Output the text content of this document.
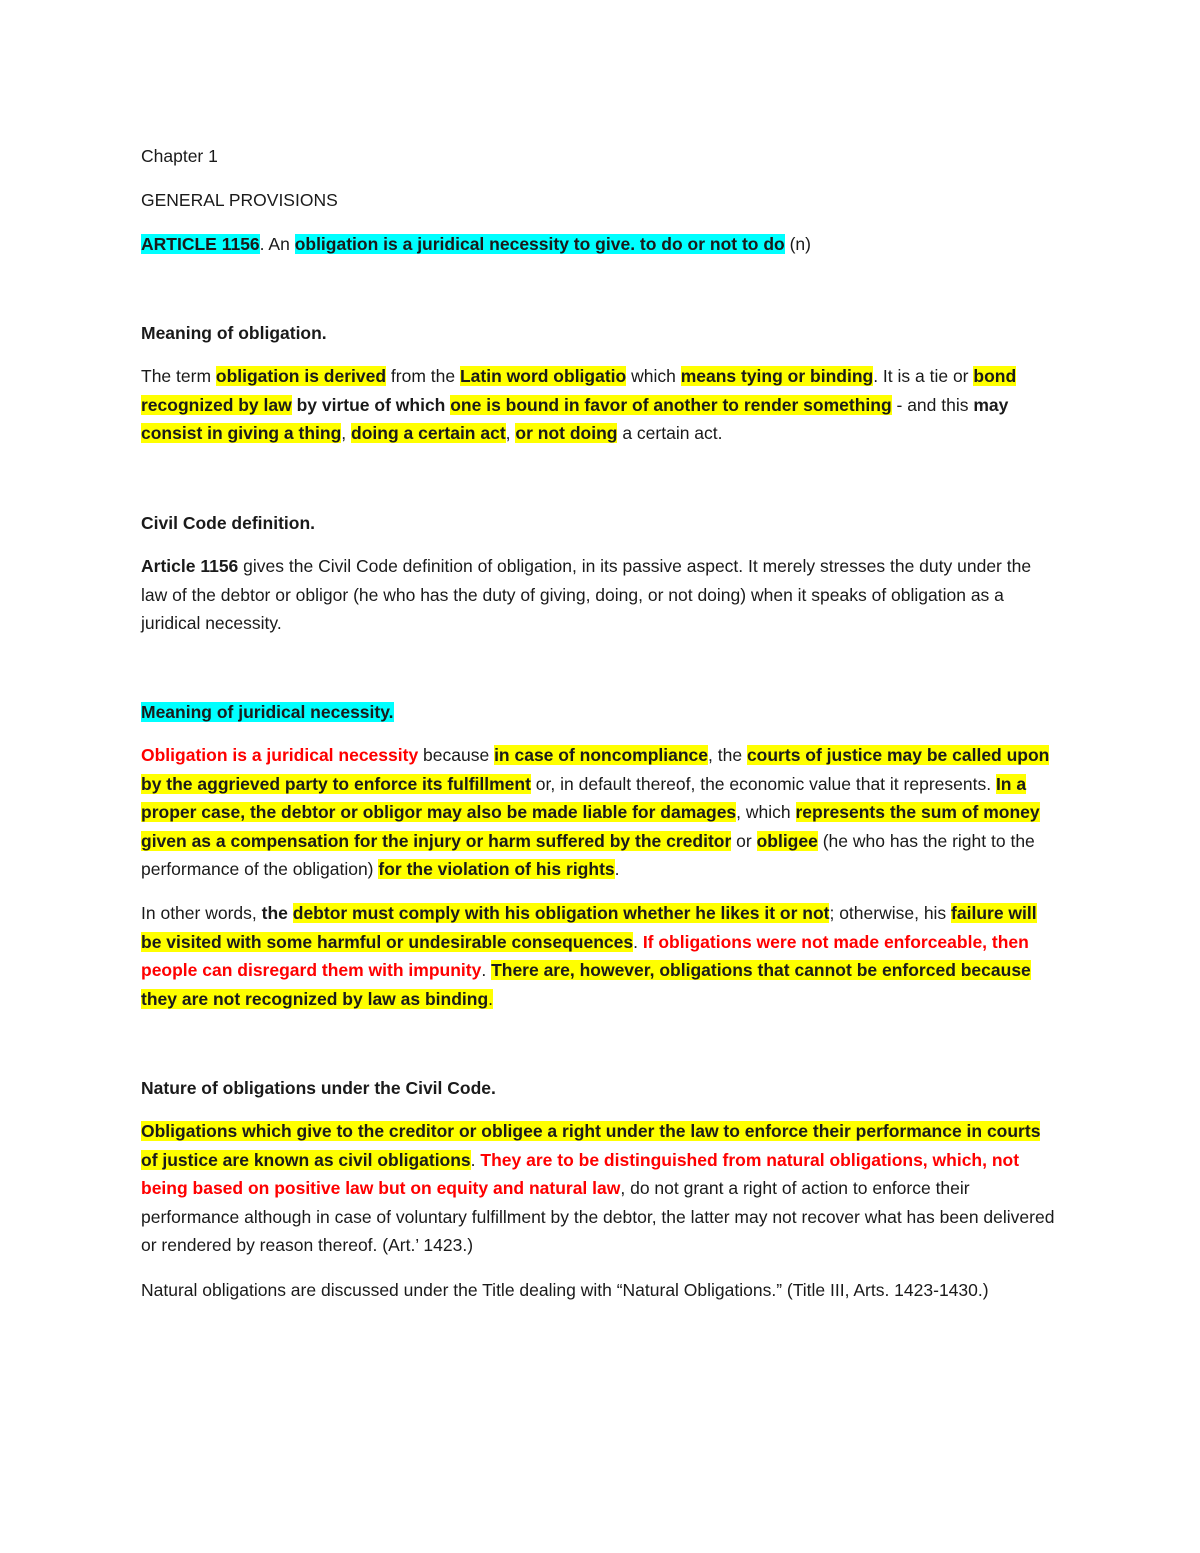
Chapter 1

GENERAL PROVISIONS

ARTICLE 1156. An obligation is a juridical necessity to give. to do or not to do (n)

Meaning of obligation.

The term obligation is derived from the Latin word obligatio which means tying or binding. It is a tie or bond recognized by law by virtue of which one is bound in favor of another to render something - and this may consist in giving a thing, doing a certain act, or not doing a certain act.

Civil Code definition.

Article 1156 gives the Civil Code definition of obligation, in its passive aspect. It merely stresses the duty under the law of the debtor or obligor (he who has the duty of giving, doing, or not doing) when it speaks of obligation as a juridical necessity.

Meaning of juridical necessity.

Obligation is a juridical necessity because in case of noncompliance, the courts of justice may be called upon by the aggrieved party to enforce its fulfillment or, in default thereof, the economic value that it represents. In a proper case, the debtor or obligor may also be made liable for damages, which represents the sum of money given as a compensation for the injury or harm suffered by the creditor or obligee (he who has the right to the performance of the obligation) for the violation of his rights.

In other words, the debtor must comply with his obligation whether he likes it or not; otherwise, his failure will be visited with some harmful or undesirable consequences. If obligations were not made enforceable, then people can disregard them with impunity. There are, however, obligations that cannot be enforced because they are not recognized by law as binding.

Nature of obligations under the Civil Code.

Obligations which give to the creditor or obligee a right under the law to enforce their performance in courts of justice are known as civil obligations. They are to be distinguished from natural obligations, which, not being based on positive law but on equity and natural law, do not grant a right of action to enforce their performance although in case of voluntary fulfillment by the debtor, the latter may not recover what has been delivered or rendered by reason thereof. (Art.’ 1423.)

Natural obligations are discussed under the Title dealing with “Natural Obligations.” (Title III, Arts. 1423-1430.)
